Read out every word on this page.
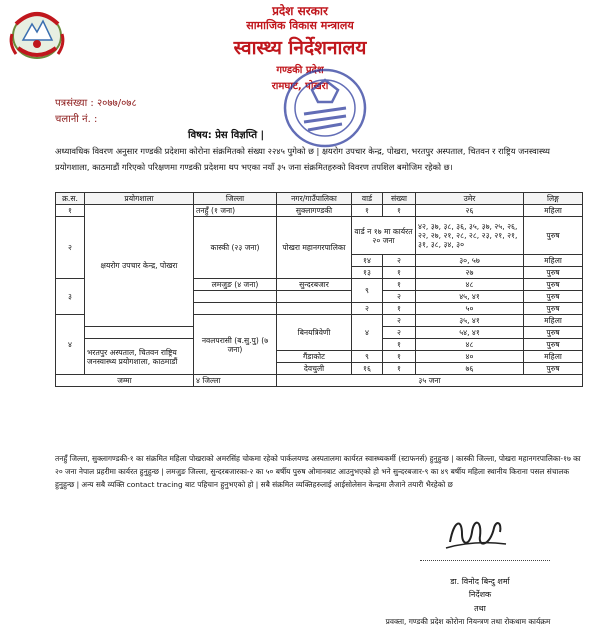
प्रदेश सरकार
सामाजिक विकास मन्त्रालय
स्वास्थ्य निर्देशनालय
गण्डकी प्रदेश
रामघाट, पोखरा
पत्रसंख्या : २०७७/०७८
चलानी नं. :
विषय: प्रेस विज्ञप्ति |
अध्यावधिक विवरण अनुसार गण्डकी प्रदेशमा कोरोना संक्रमितको संख्या २२४५ पुगेको छ | क्षयरोग उपचार केन्द्र, पोखरा, भरतपुर अस्पताल, चितवन र राष्ट्रिय जनस्वास्थ्य प्रयोगशाला, काठमाडौं गरिएको परिक्षणमा गण्डकी प्रदेशमा थप भएका नयाँ ३५ जना संक्रमितहरुको विवरण तपशिल बमोजिम रहेको छ।
क्र.स.	प्रयोगशाला	जिल्ला	नगर/गाउँपालिका	वार्ड	संख्या	उमेर	लिङ्ग
१	क्षयरोग उपचार केन्द्र, पोखरा	तनहुँ (१ जना)	सुक्लागण्डकी	१	१	२६	महिला
२		कास्की (२३ जना)	पोखरा महानगरपालिका	वार्ड न १७ मा कार्यरत २० जना		४२, ३७, ३८, ३६, ३५, ३७, २५, २६, २२, २७, २१, २८, २८, २३, २१, २१, ३१, ३८, ३४, ३०	पुरुष
				१४	२	३०, ५७	महिला
				१३	१	२७	पुरुष
३		लमजुङ (४ जना)	सुन्दरबजार	९	१	४८	पुरुष
					२	४५, ४१	पुरुष
				२	१	५०	पुरुष
४		नवलपरासी (ब.सु.पु) (७ जना)	बिनयत्रिवेणी	४	२	३५, ४१	महिला
					२	५४, ४१	पुरुष
	भरतपुर अस्पताल, चितवन राष्ट्रिय जनस्वास्थ्य प्रयोगशाला, काठमाडौं				१	४८	पुरुष
			गैंडाकोट	९	१	४०	महिला
			देवचुली	१६	१	७६	पुरुष
जम्मा		४ जिल्ला	३५ जना				
तनहुँ जिल्ला, सुक्लागण्डकी-१ का संक्रमित महिला पोखराको अमरसिंह चोकमा रहेको पार्कलयण्ड अस्पतालमा कार्यरत स्वास्थ्यकर्मी (स्टाफनर्स) हुनुहुन्छ | कास्की जिल्ला, पोखरा महानगरपालिका-१७ का २० जना नेपाल प्रहरीमा कार्यरत हुनुहुन्छ | लमजुङ जिल्ला, सुन्दरबजारका-२ का ५० बर्षीय पुरुष ओमानबाट आउनुभएको हो भने सुन्दरबजार-९ का ४९ बर्षीय महिला स्थानीय किराना पसल संचालक हुनुहुन्छ | अन्य सबै व्यक्ति contact tracing बाट पहिचान हुनुभएको हो | सबै संक्रमित व्यक्तिहरुलाई आईसोलेसन केन्द्रमा लैजाने तयारी भैरहेको छ
डा. विनोद बिन्दु शर्मा
निर्देशक
तथा
प्रवक्ता, गण्डकी प्रदेश कोरोना नियन्त्रण तथा रोकथाम कार्यक्रम
